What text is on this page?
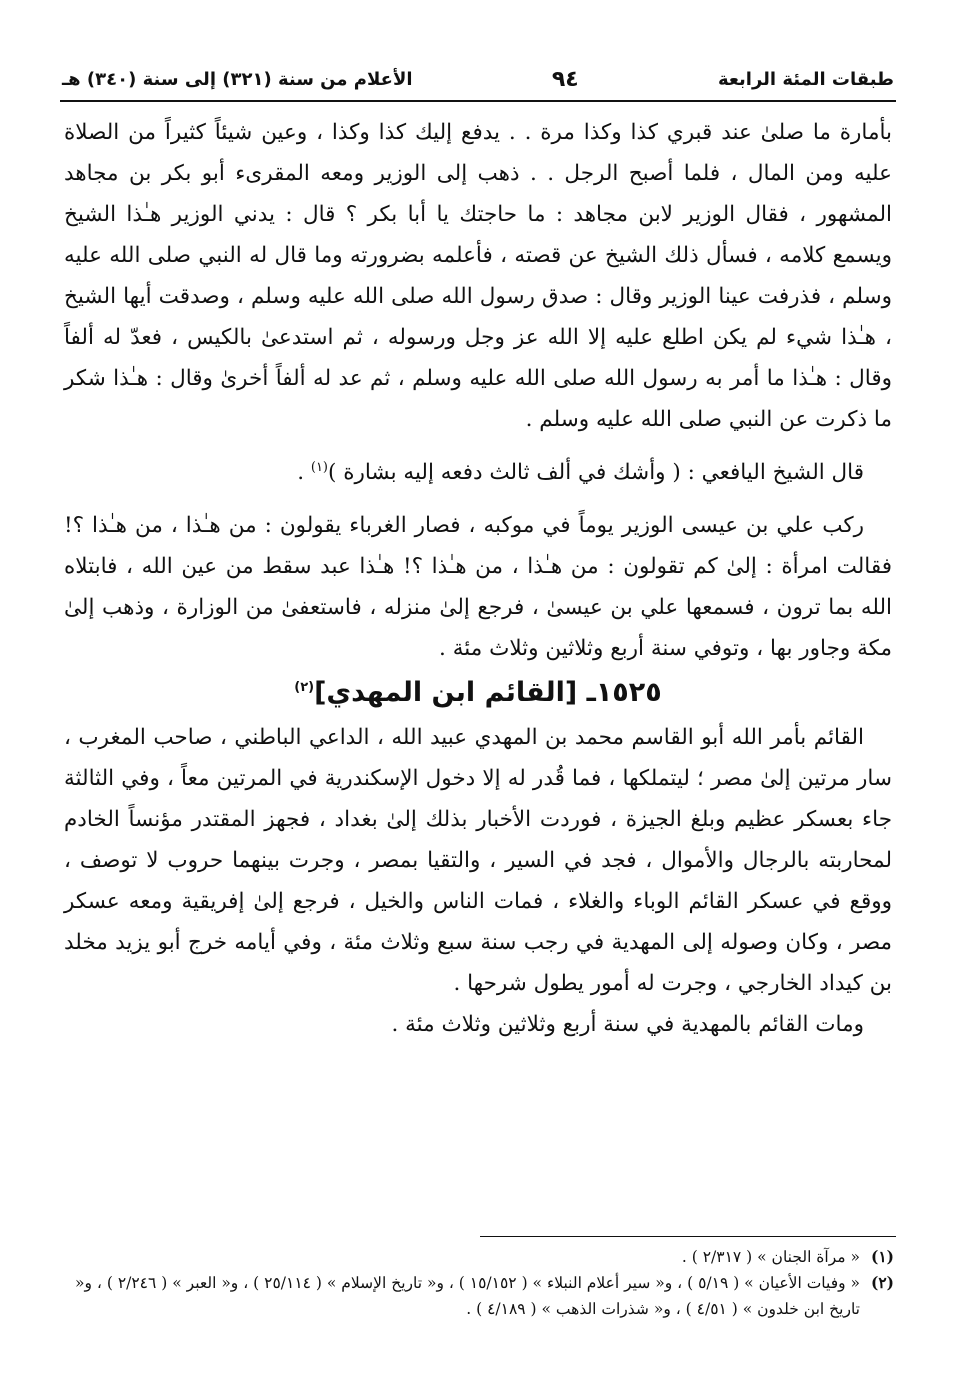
طبقات المئة الرابعة
٩٤
الأعلام من سنة (٣٢١) إلى سنة (٣٤٠) هـ

بأمارة ما صلىٰ عند قبري كذا وكذا مرة . . يدفع إليك كذا وكذا ، وعين شيئاً كثيراً من الصلاة عليه ومن المال ، فلما أصبح الرجل . . ذهب إلى الوزير ومعه المقرىء أبو بكر بن مجاهد المشهور ، فقال الوزير لابن مجاهد : ما حاجتك يا أبا بكر ؟ قال : يدني الوزير هـٰذا الشيخ ويسمع كلامه ، فسأل ذلك الشيخ عن قصته ، فأعلمه بضرورته وما قال له النبي صلى الله عليه وسلم ، فذرفت عينا الوزير وقال : صدق رسول الله صلى الله عليه وسلم ، وصدقت أيها الشيخ ، هـٰذا شيء لم يكن اطلع عليه إلا الله عز وجل ورسوله ، ثم استدعىٰ بالكيس ، فعدّ له ألفاً وقال : هـٰذا ما أمر به رسول الله صلى الله عليه وسلم ، ثم عد له ألفاً أخرىٰ وقال : هـٰذا شكر ما ذكرت عن النبي صلى الله عليه وسلم .

قال الشيخ اليافعي : ( وأشك في ألف ثالث دفعه إليه بشارة )$^{(١)}$ .

ركب علي بن عيسى الوزير يوماً في موكبه ، فصار الغرباء يقولون : من هـٰذا ، من هـٰذا ؟! فقالت امرأة : إلىٰ كم تقولون : من هـٰذا ، من هـٰذا ؟! هـٰذا عبد سقط من عين الله ، فابتلاه الله بما ترون ، فسمعها علي بن عيسىٰ ، فرجع إلىٰ منزله ، فاستعفىٰ من الوزارة ، وذهب إلىٰ مكة وجاور بها ، وتوفي سنة أربع وثلاثين وثلاث مئة .

١٥٢٥ـ [القائم ابن المهدي]$^{(٢)}$

القائم بأمر الله أبو القاسم محمد بن المهدي عبيد الله ، الداعي الباطني ، صاحب المغرب ، سار مرتين إلىٰ مصر ؛ ليتملكها ، فما قُدر له إلا دخول الإسكندرية في المرتين معاً ، وفي الثالثة جاء بعسكر عظيم وبلغ الجيزة ، فوردت الأخبار بذلك إلىٰ بغداد ، فجهز المقتدر مؤنساً الخادم لمحاربته بالرجال والأموال ، فجد في السير ، والتقيا بمصر ، وجرت بينهما حروب لا توصف ، ووقع في عسكر القائم الوباء والغلاء ، فمات الناس والخيل ، فرجع إلىٰ إفريقية ومعه عسكر مصر ، وكان وصوله إلى المهدية في رجب سنة سبع وثلاث مئة ، وفي أيامه خرج أبو يزيد مخلد بن كيداد الخارجي ، وجرت له أمور يطول شرحها .

ومات القائم بالمهدية في سنة أربع وثلاثين وثلاث مئة .

(١)
« مرآة الجنان » ( ٢/٣١٧ ) .
(٢)
« وفيات الأعيان » ( ٥/١٩ ) ، و« سير أعلام النبلاء » ( ١٥/١٥٢ ) ، و« تاريخ الإسلام » ( ٢٥/١١٤ ) ، و« العبر » ( ٢/٢٤٦ ) ، و« تاريخ ابن خلدون » ( ٤/٥١ ) ، و« شذرات الذهب » ( ٤/١٨٩ ) .
